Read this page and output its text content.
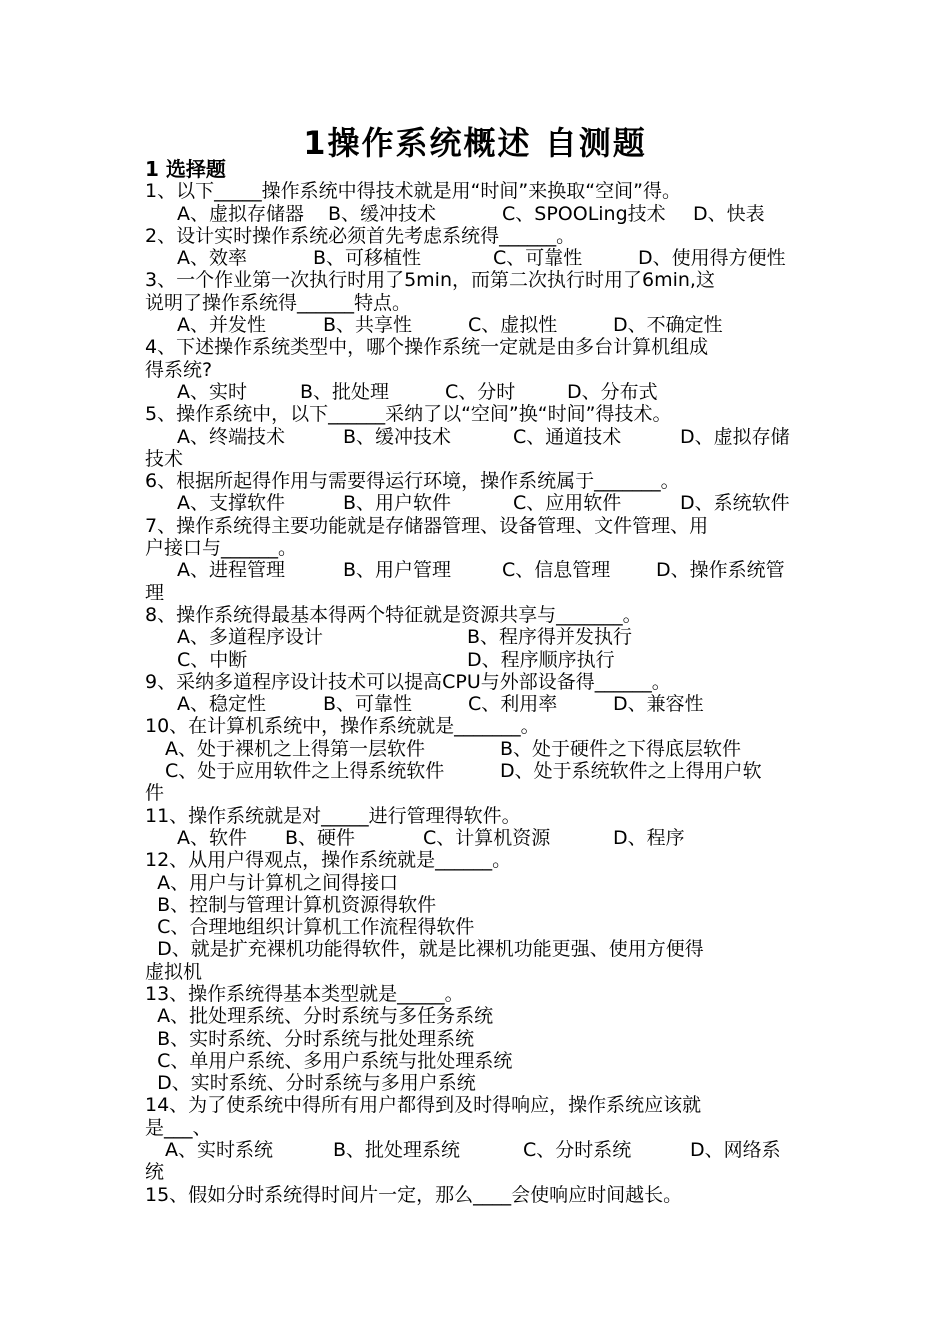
1操作系统概述 自测题
1 选择题
1、以下_____操作系统中得技术就是用“时间”来换取“空间”得。
A、虚拟存储器 B、缓冲技术	C、SPOOLing技术 D、快表
2、设计实时操作系统必须首先考虑系统得______。
A、效率	B、可移植性	C、可靠性	D、使用得方便性
3、一个作业第一次执行时用了5min，而第二次执行时用了6min,这
说明了操作系统得______特点。
A、并发性	B、共享性	C、虚拟性	D、不确定性
4、下述操作系统类型中，哪个操作系统一定就是由多台计算机组成
得系统?
A、实时	B、批处理	C、分时	D、分布式
5、操作系统中，以下______采纳了以“空间”换“时间”得技术。
A、终端技术	B、缓冲技术	C、通道技术	D、虚拟存储
技术
6、根据所起得作用与需要得运行环境，操作系统属于_______。
A、支撑软件	B、用户软件	C、应用软件	D、系统软件
7、操作系统得主要功能就是存储器管理、设备管理、文件管理、用
户接口与______。
A、进程管理	B、用户管理	C、信息管理 D、操作系统管
理
8、操作系统得最基本得两个特征就是资源共享与_______。
A、多道程序设计	B、程序得并发执行
C、中断	D、程序顺序执行
9、采纳多道程序设计技术可以提高CPU与外部设备得______。
A、稳定性	B、可靠性	C、利用率	D、兼容性
10、在计算机系统中，操作系统就是_______。
A、处于裸机之上得第一层软件	B、处于硬件之下得底层软件
C、处于应用软件之上得系统软件	D、处于系统软件之上得用户软
件
11、操作系统就是对_____进行管理得软件。
A、软件 B、硬件	C、计算机资源	D、程序
12、从用户得观点，操作系统就是______。
A、用户与计算机之间得接口
B、控制与管理计算机资源得软件
C、合理地组织计算机工作流程得软件
D、就是扩充裸机功能得软件，就是比裸机功能更强、使用方便得
虚拟机
13、操作系统得基本类型就是_____。
A、批处理系统、分时系统与多任务系统
B、实时系统、分时系统与批处理系统
C、单用户系统、多用户系统与批处理系统
D、实时系统、分时系统与多用户系统
14、为了使系统中得所有用户都得到及时得响应，操作系统应该就
是___、
A、实时系统	B、批处理系统	C、分时系统	D、网络系
统
15、假如分时系统得时间片一定，那么____会使响应时间越长。
